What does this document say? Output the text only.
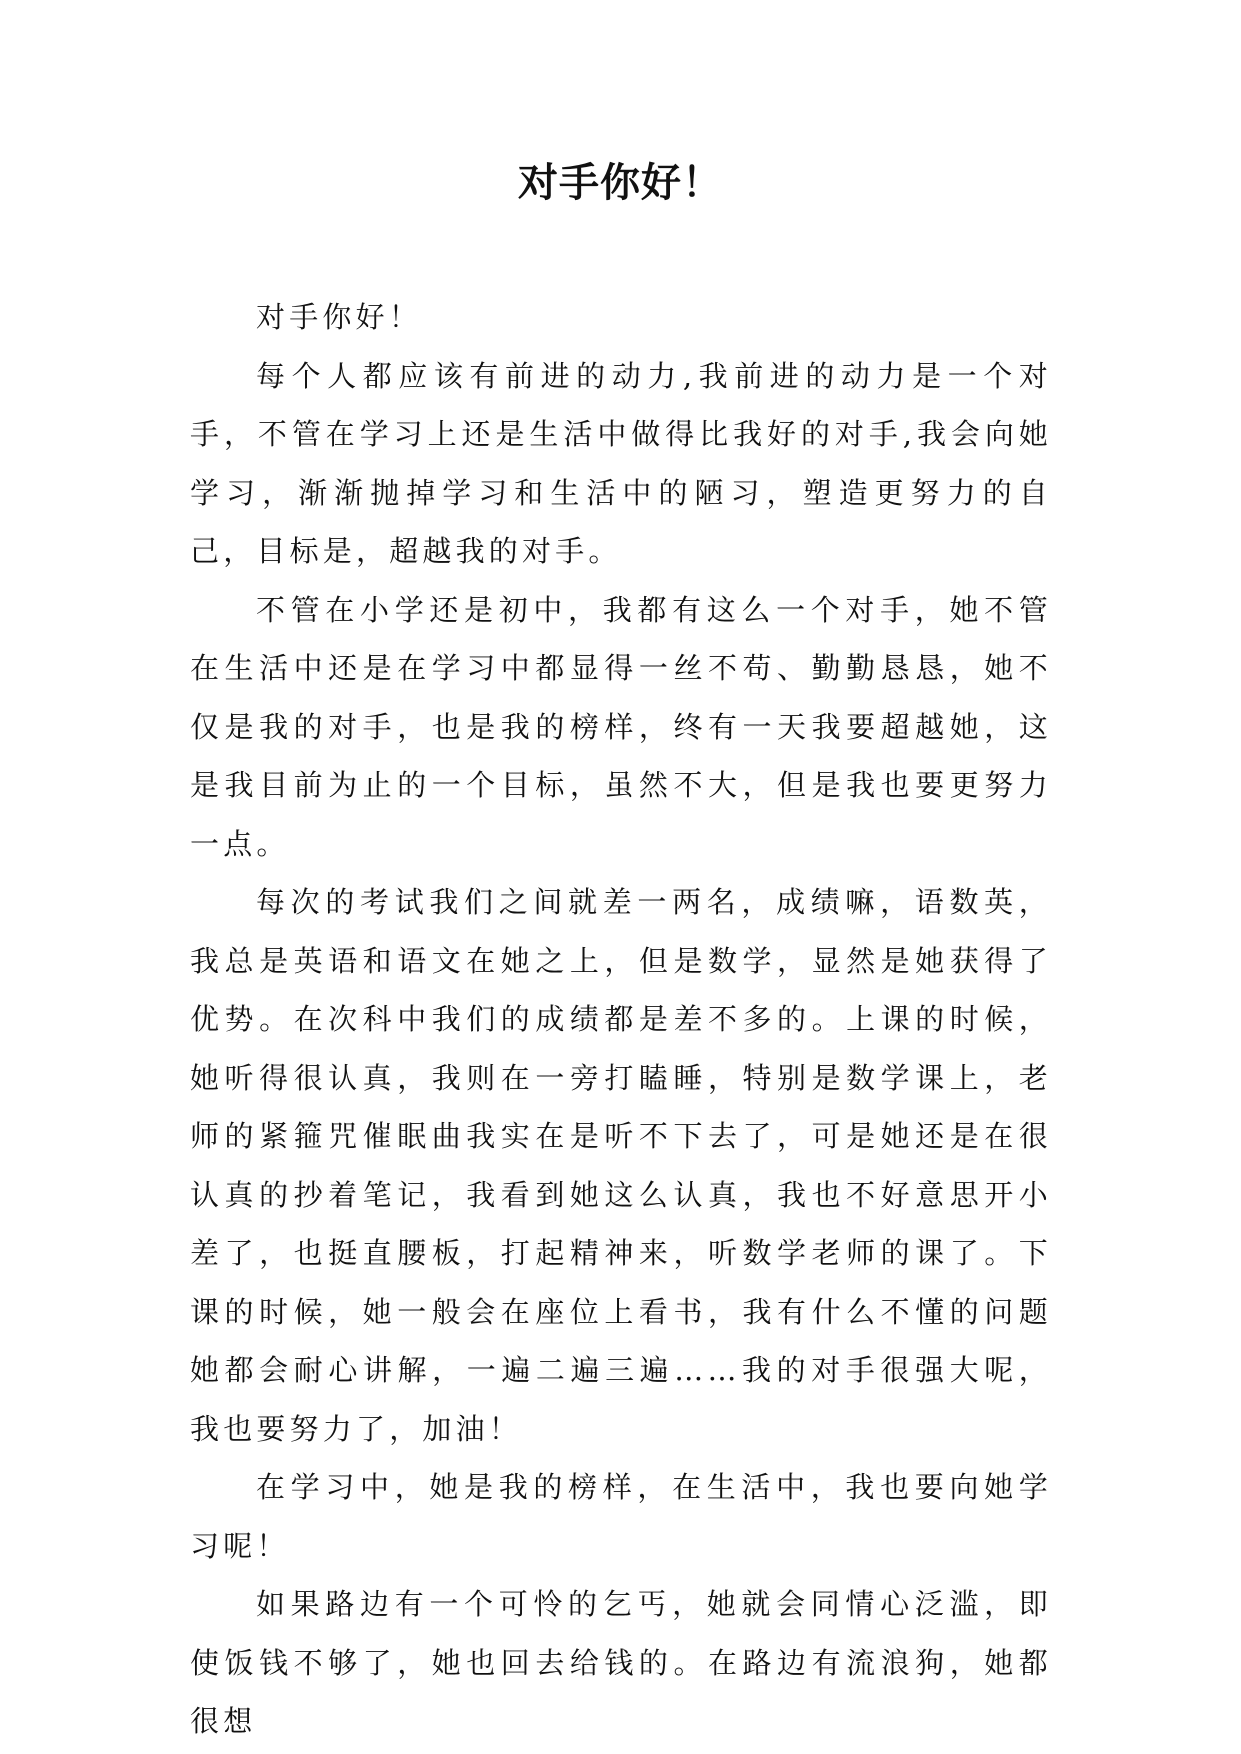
对手你好！

对手你好！

每个人都应该有前进的动力,我前进的动力是一个对手，不管在学习上还是生活中做得比我好的对手,我会向她学习，渐渐抛掉学习和生活中的陋习，塑造更努力的自己，目标是，超越我的对手。

不管在小学还是初中，我都有这么一个对手，她不管在生活中还是在学习中都显得一丝不苟、勤勤恳恳，她不仅是我的对手，也是我的榜样，终有一天我要超越她，这是我目前为止的一个目标，虽然不大，但是我也要更努力一点。

每次的考试我们之间就差一两名，成绩嘛，语数英，我总是英语和语文在她之上，但是数学，显然是她获得了优势。在次科中我们的成绩都是差不多的。上课的时候，她听得很认真，我则在一旁打瞌睡，特别是数学课上，老师的紧箍咒催眠曲我实在是听不下去了，可是她还是在很认真的抄着笔记，我看到她这么认真，我也不好意思开小差了，也挺直腰板，打起精神来，听数学老师的课了。下课的时候，她一般会在座位上看书，我有什么不懂的问题她都会耐心讲解，一遍二遍三遍……我的对手很强大呢，我也要努力了，加油！

在学习中，她是我的榜样，在生活中，我也要向她学习呢！

如果路边有一个可怜的乞丐，她就会同情心泛滥，即使饭钱不够了，她也回去给钱的。在路边有流浪狗，她都很想
